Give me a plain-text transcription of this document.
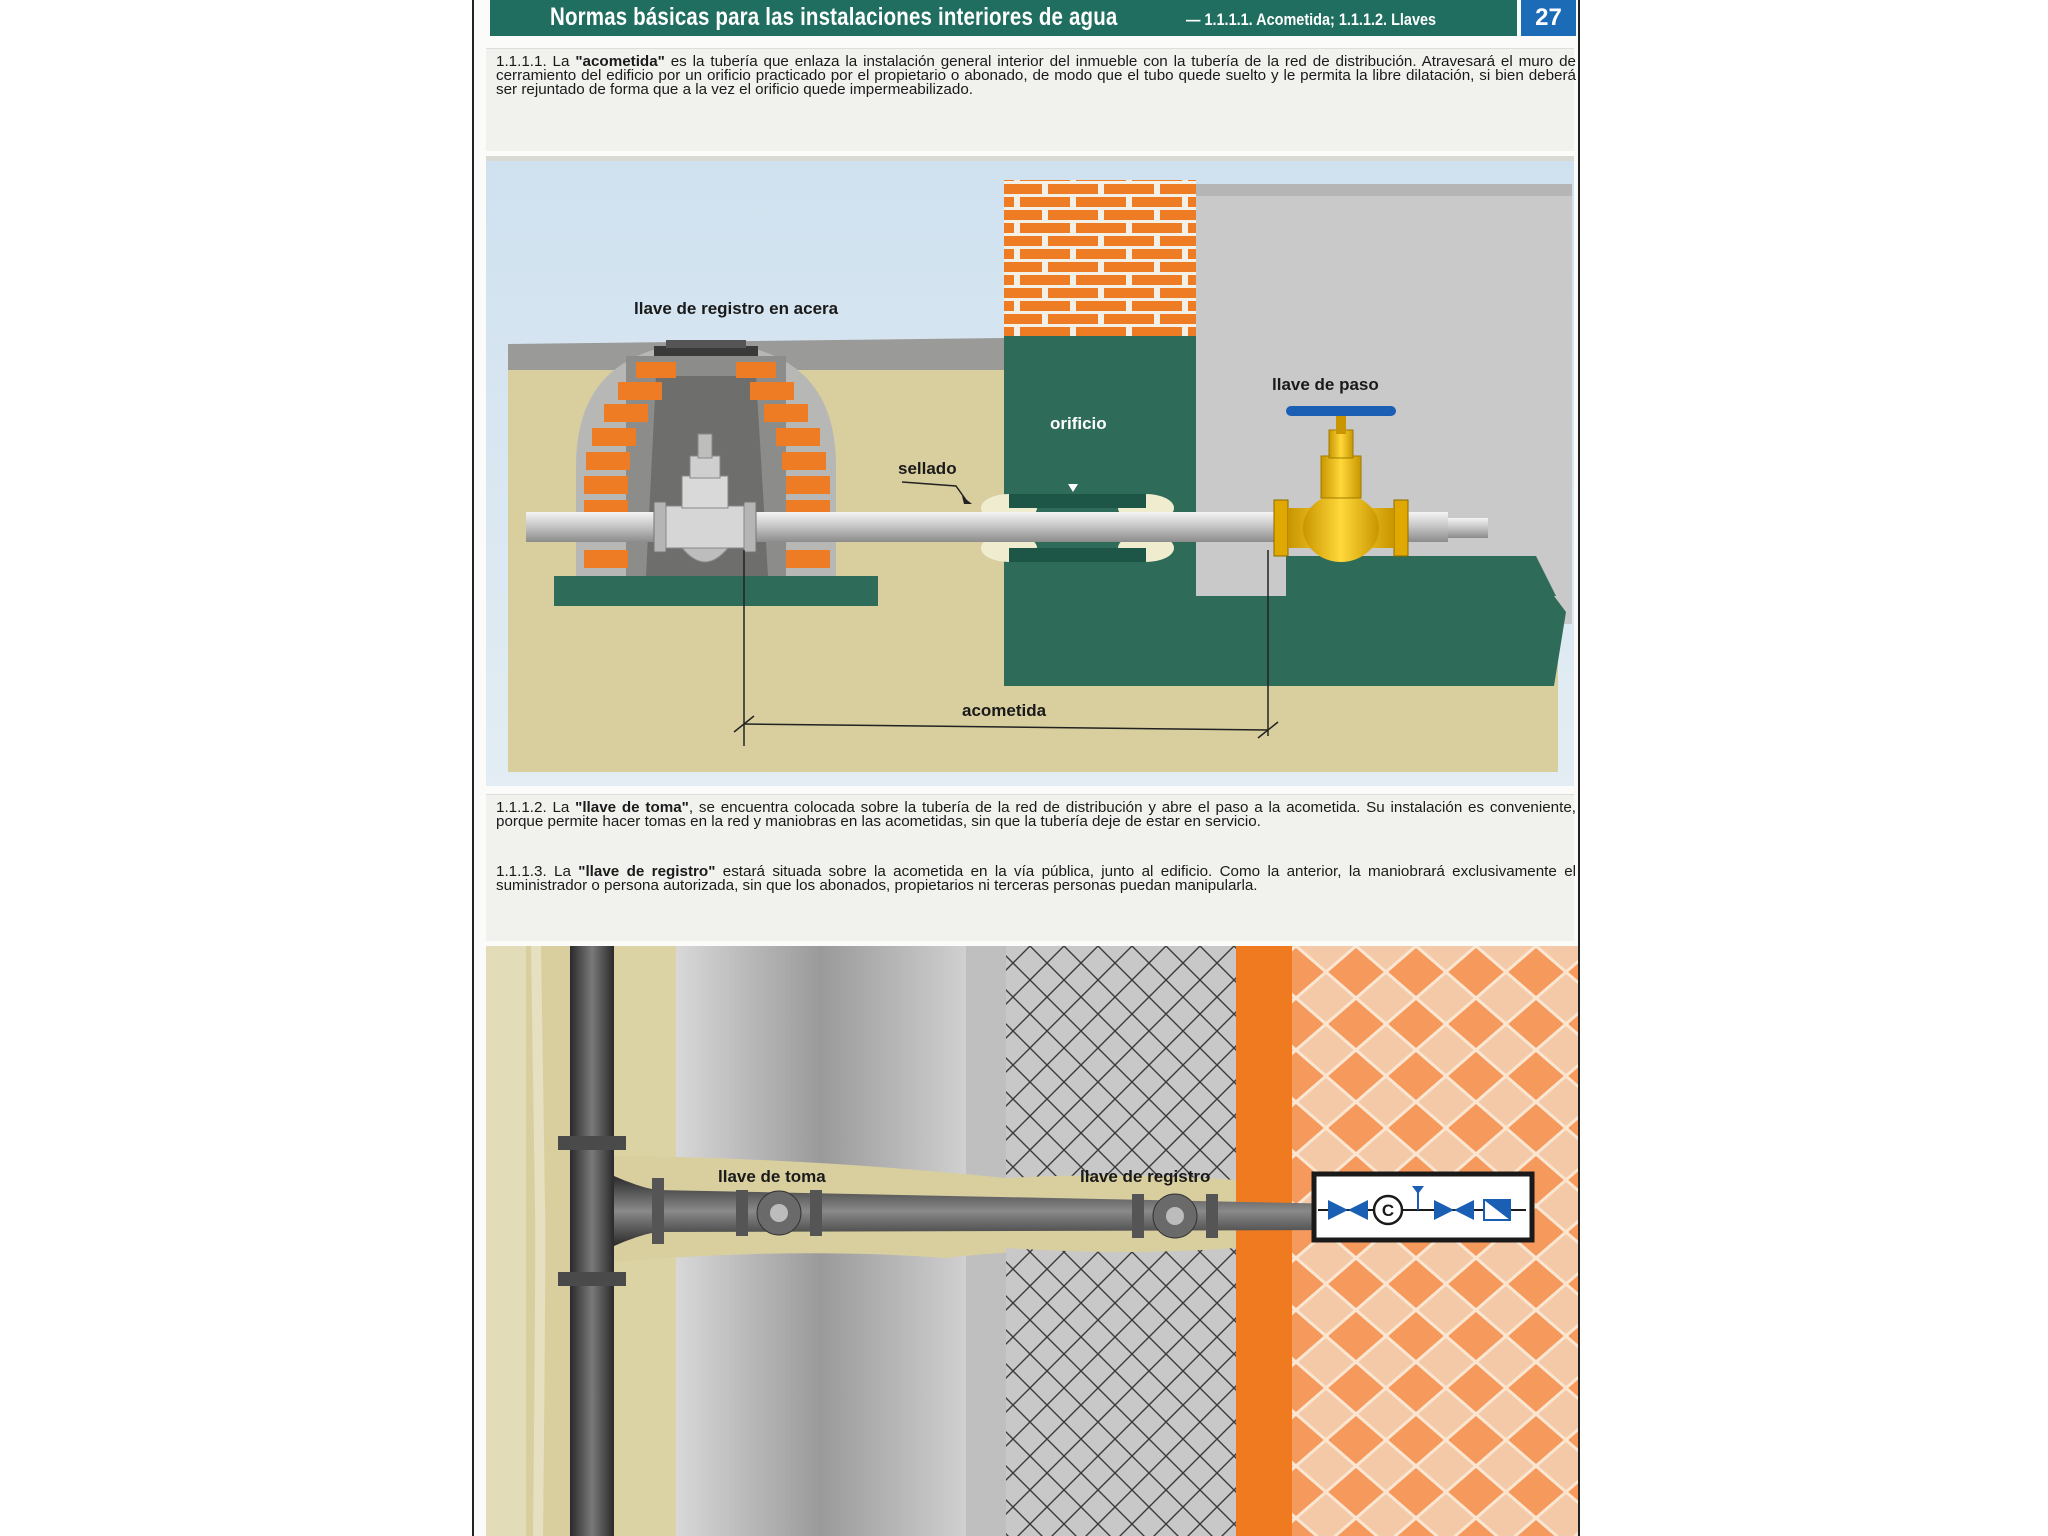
Normas básicas para las instalaciones interiores de agua	— 1.1.1.1. Acometida; 1.1.1.2. Llaves	27

1.1.1.1. La "acometida" es la tubería que enlaza la instalación general interior del inmueble con la tubería de la red de distribución. Atravesará el muro de cerramiento del edificio por un orificio practicado por el propietario o abonado, de modo que el tubo quede suelto y le permita la libre dilatación, si bien deberá ser rejuntado de forma que a la vez el orificio quede impermeabilizado.

llave de registro en acera
orificio
sellado
llave de paso
acometida

1.1.1.2. La "llave de toma", se encuentra colocada sobre la tubería de la red de distribución y abre el paso a la acometida. Su instalación es conveniente, porque permite hacer tomas en la red y maniobras en las acometidas, sin que la tubería deje de estar en servicio.

1.1.1.3. La "llave de registro" estará situada sobre la acometida en la vía pública, junto al edificio. Como la anterior, la maniobrará exclusivamente el suministrador o persona autorizada, sin que los abonados, propietarios ni terceras personas puedan manipularla.

C
llave de toma	llave de registro
